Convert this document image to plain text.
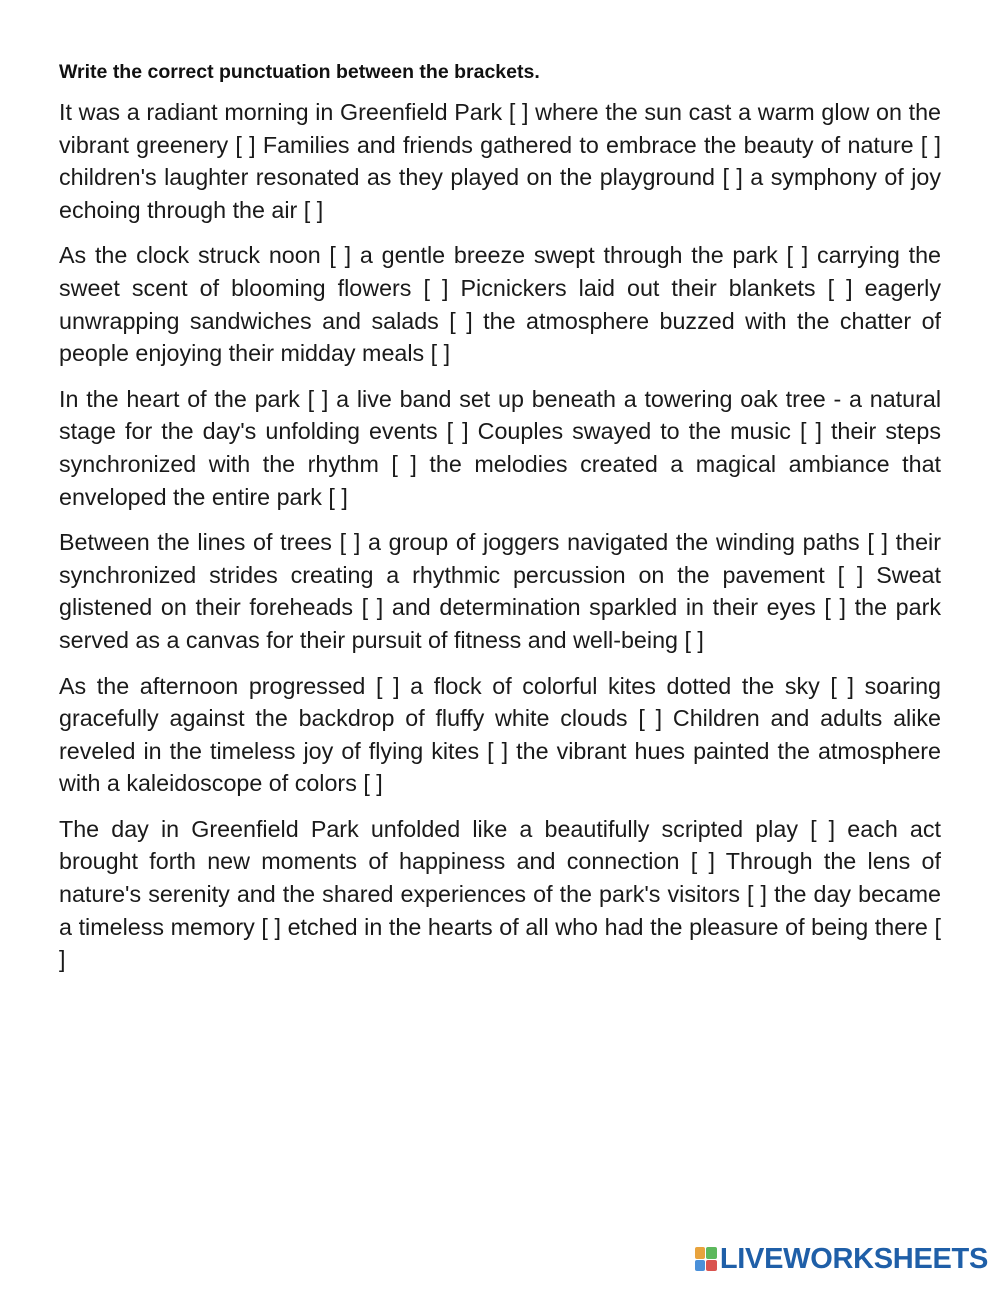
Write the correct punctuation between the brackets.

It was a radiant morning in Greenfield Park [ ] where the sun cast a warm glow on the vibrant greenery [ ] Families and friends gathered to embrace the beauty of nature [ ] children's laughter resonated as they played on the playground [ ] a symphony of joy echoing through the air [ ]

As the clock struck noon [ ] a gentle breeze swept through the park [ ] carrying the sweet scent of blooming flowers [ ] Picnickers laid out their blankets [ ] eagerly unwrapping sandwiches and salads [ ] the atmosphere buzzed with the chatter of people enjoying their midday meals [ ]

In the heart of the park [ ] a live band set up beneath a towering oak tree - a natural stage for the day's unfolding events [ ] Couples swayed to the music [ ] their steps synchronized with the rhythm [ ] the melodies created a magical ambiance that enveloped the entire park [ ]

Between the lines of trees [ ] a group of joggers navigated the winding paths [ ] their synchronized strides creating a rhythmic percussion on the pavement [ ] Sweat glistened on their foreheads [ ] and determination sparkled in their eyes [ ] the park served as a canvas for their pursuit of fitness and well-being [ ]

As the afternoon progressed [ ] a flock of colorful kites dotted the sky [ ] soaring gracefully against the backdrop of fluffy white clouds [ ] Children and adults alike reveled in the timeless joy of flying kites [ ] the vibrant hues painted the atmosphere with a kaleidoscope of colors [ ]

The day in Greenfield Park unfolded like a beautifully scripted play [ ] each act brought forth new moments of happiness and connection [ ] Through the lens of nature's serenity and the shared experiences of the park's visitors [ ] the day became a timeless memory [ ] etched in the hearts of all who had the pleasure of being there [ ]

LIVEWORKSHEETS
